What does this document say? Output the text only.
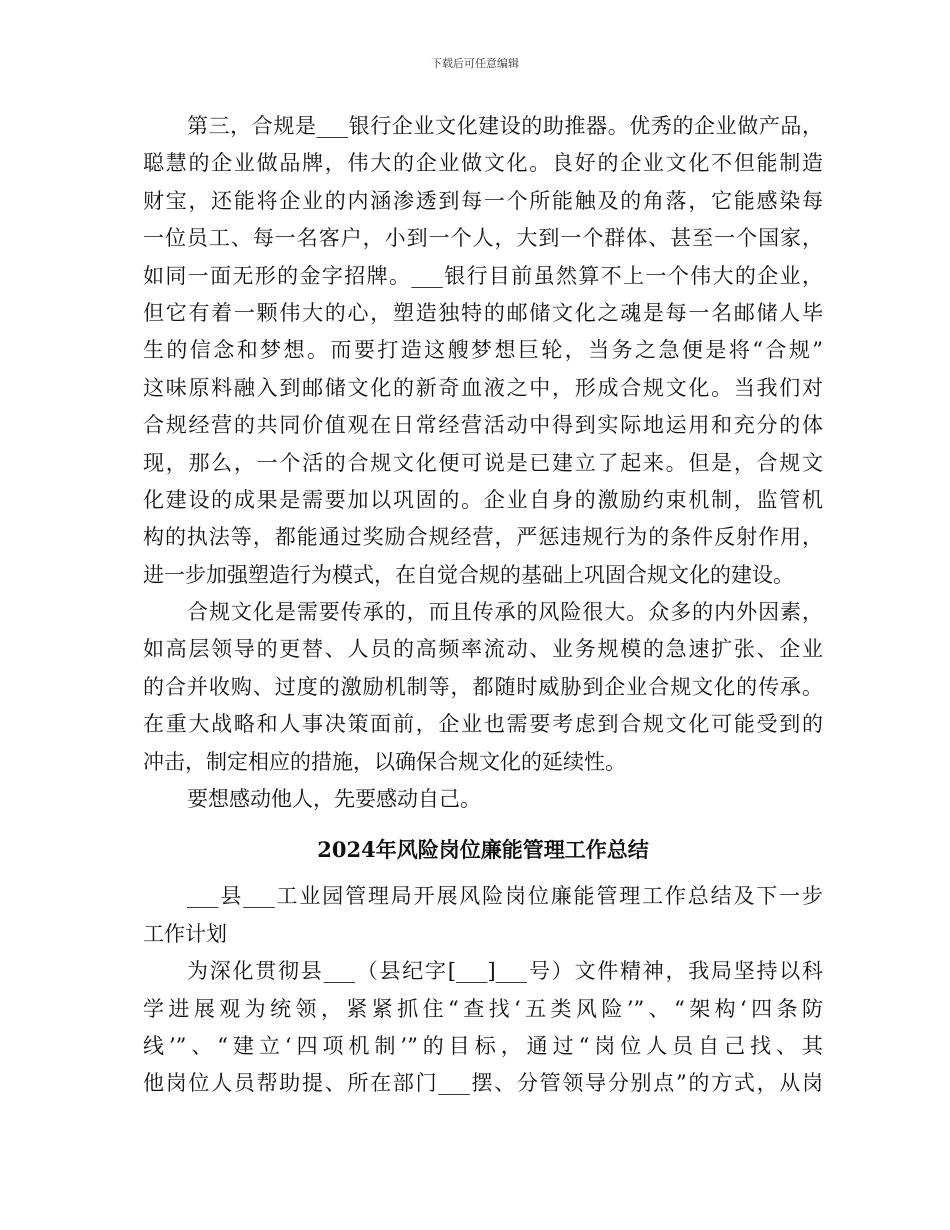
下载后可任意编辑
第三，合规是___银行企业文化建设的助推器。优秀的企业做产品，
聪慧的企业做品牌，伟大的企业做文化。良好的企业文化不但能制造
财宝，还能将企业的内涵渗透到每一个所能触及的角落，它能感染每
一位员工、每一名客户，小到一个人，大到一个群体、甚至一个国家，
如同一面无形的金字招牌。___银行目前虽然算不上一个伟大的企业，
但它有着一颗伟大的心，塑造独特的邮储文化之魂是每一名邮储人毕
生的信念和梦想。而要打造这艘梦想巨轮，当务之急便是将“合规”
这味原料融入到邮储文化的新奇血液之中，形成合规文化。当我们对
合规经营的共同价值观在日常经营活动中得到实际地运用和充分的体
现，那么，一个活的合规文化便可说是已建立了起来。但是，合规文
化建设的成果是需要加以巩固的。企业自身的激励约束机制，监管机
构的执法等，都能通过奖励合规经营，严惩违规行为的条件反射作用，
进一步加强塑造行为模式，在自觉合规的基础上巩固合规文化的建设。
合规文化是需要传承的，而且传承的风险很大。众多的内外因素，
如高层领导的更替、人员的高频率流动、业务规模的急速扩张、企业
的合并收购、过度的激励机制等，都随时威胁到企业合规文化的传承。
在重大战略和人事决策面前，企业也需要考虑到合规文化可能受到的
冲击，制定相应的措施，以确保合规文化的延续性。
要想感动他人，先要感动自己。
2024年风险岗位廉能管理工作总结
___县___工业园管理局开展风险岗位廉能管理工作总结及下一步
工作计划
为深化贯彻县___（县纪字[___]___号）文件精神，我局坚持以科
学进展观为统领，紧紧抓住“查找‘五类风险’”、“架构‘四条防
线’”、“建立‘四项机制’”的目标，通过“岗位人员自己找、其
他岗位人员帮助提、所在部门___摆、分管领导分别点”的方式，从岗
